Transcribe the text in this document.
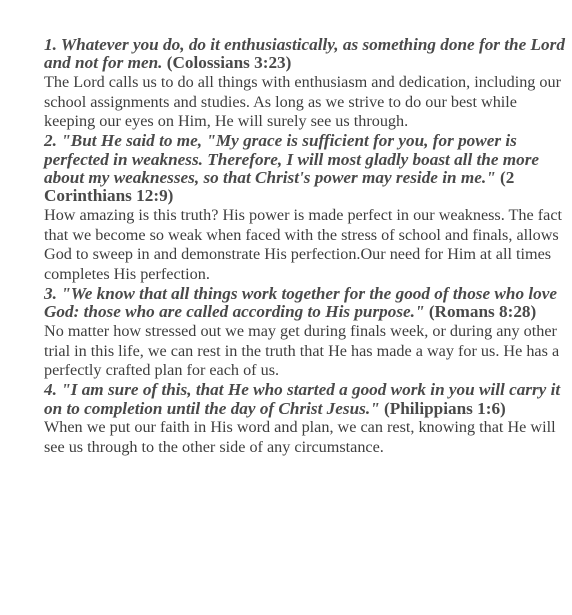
1. Whatever you do, do it enthusiastically, as something done for the Lord and not for men. (Colossians 3:23)

The Lord calls us to do all things with enthusiasm and dedication, including our school assignments and studies. As long as we strive to do our best while keeping our eyes on Him, He will surely see us through.

2. "But He said to me, "My grace is sufficient for you, for power is perfected in weakness. Therefore, I will most gladly boast all the more about my weaknesses, so that Christ's power may reside in me." (2 Corinthians 12:9)

How amazing is this truth? His power is made perfect in our weakness. The fact that we become so weak when faced with the stress of school and finals, allows God to sweep in and demonstrate His perfection.Our need for Him at all times completes His perfection.

3. "We know that all things work together for the good of those who love God: those who are called according to His purpose." (Romans 8:28)

No matter how stressed out we may get during finals week, or during any other trial in this life, we can rest in the truth that He has made a way for us. He has a perfectly crafted plan for each of us.

4. "I am sure of this, that He who started a good work in you will carry it on to completion until the day of Christ Jesus." (Philippians 1:6)

When we put our faith in His word and plan, we can rest, knowing that He will see us through to the other side of any circumstance.
